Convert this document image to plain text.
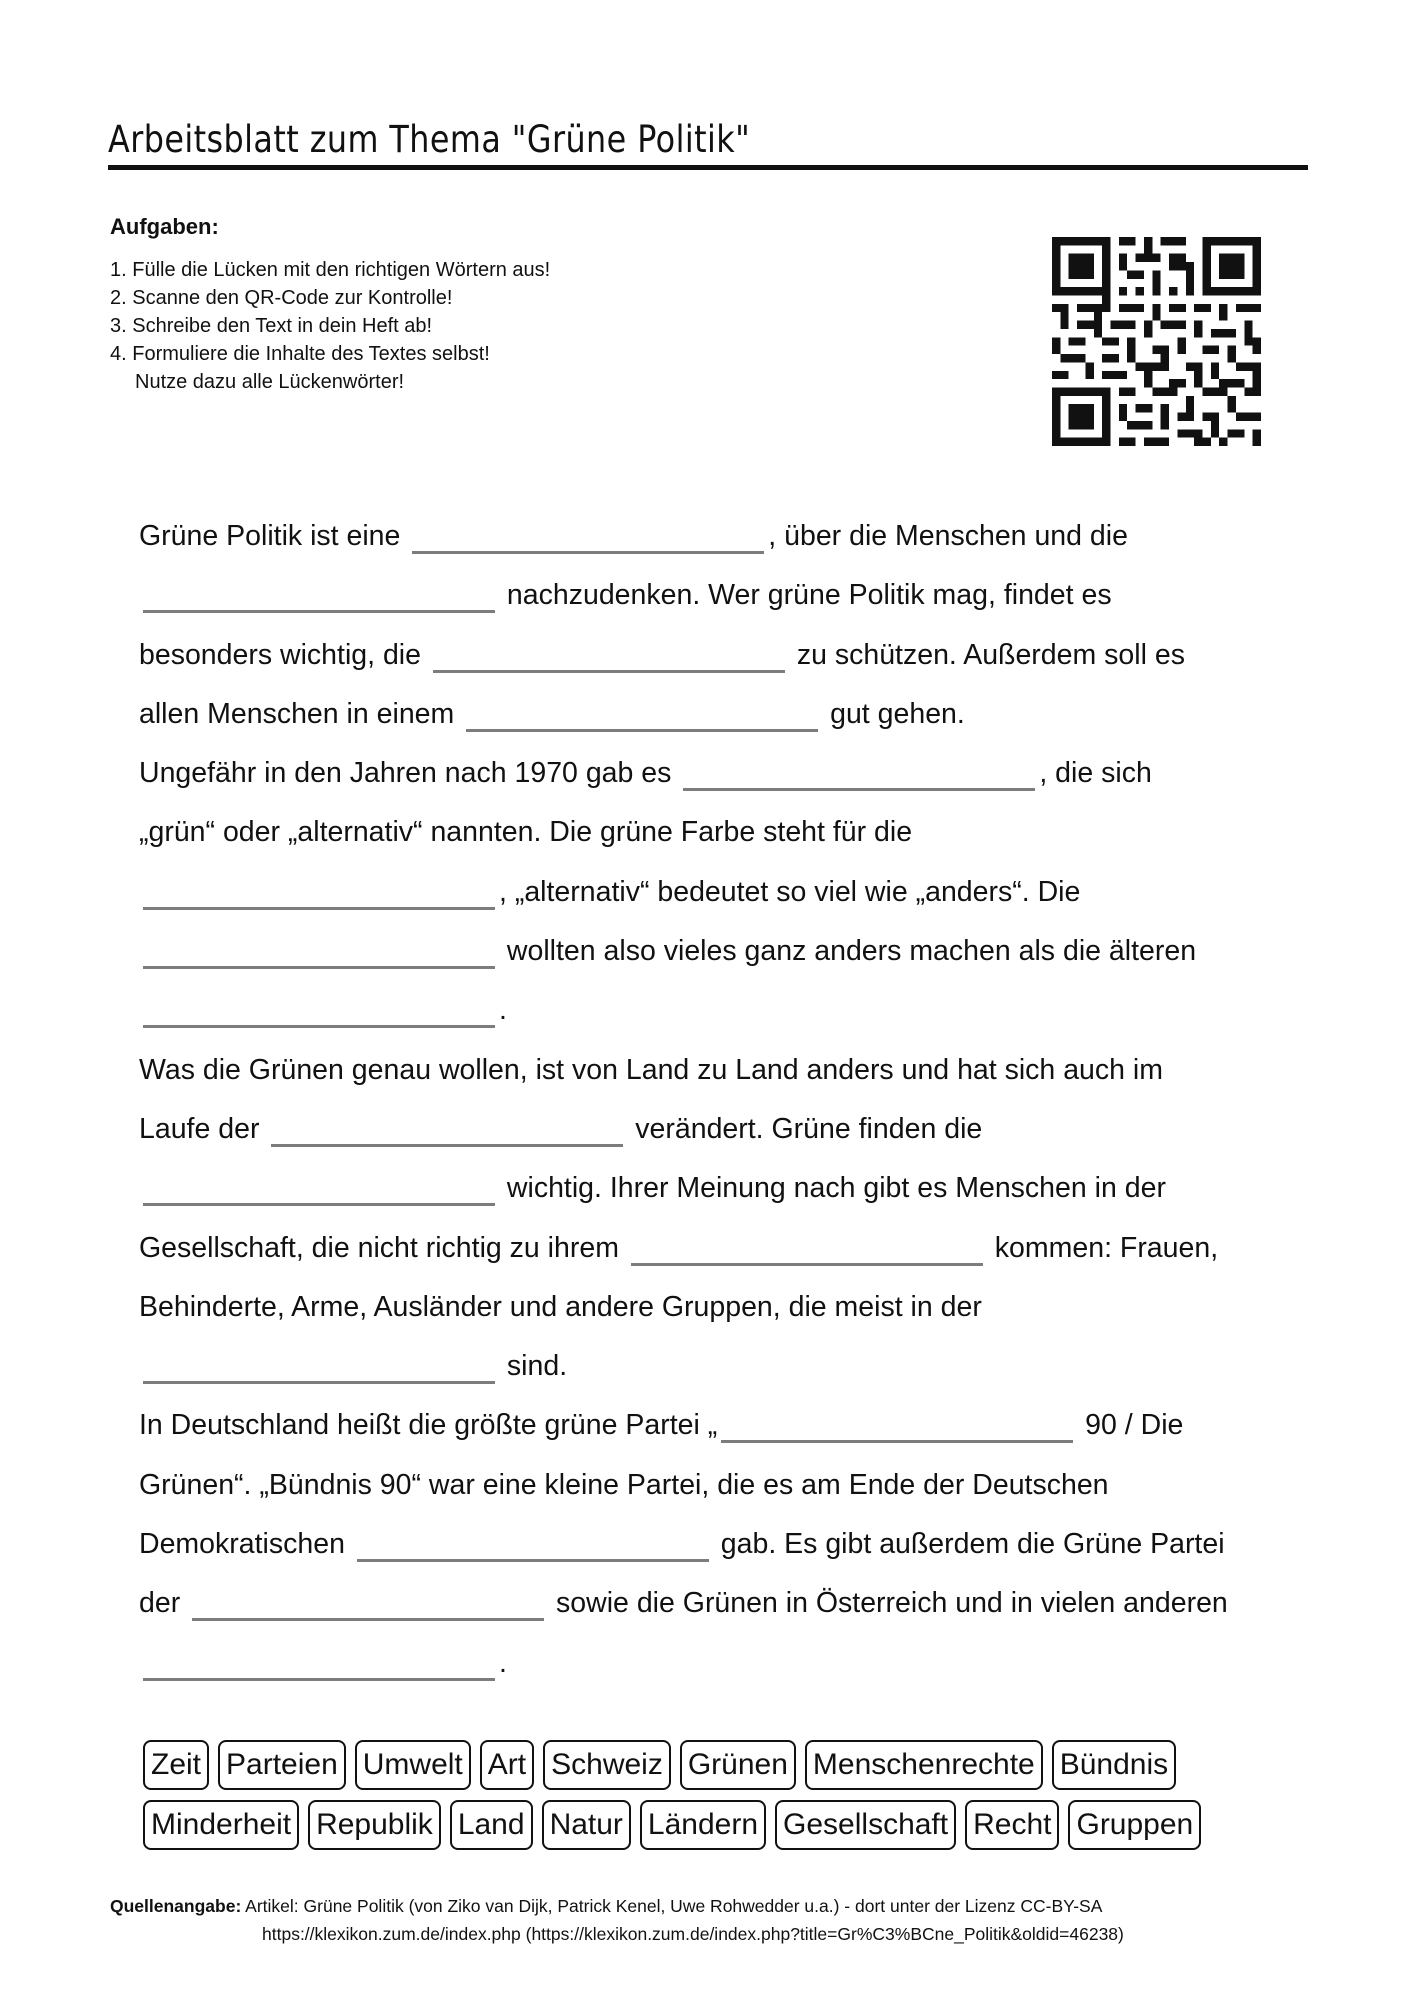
Arbeitsblatt zum Thema "Grüne Politik"
Aufgaben:
1. Fülle die Lücken mit den richtigen Wörtern aus!
2. Scanne den QR-Code zur Kontrolle!
3. Schreibe den Text in dein Heft ab!
4. Formuliere die Inhalte des Textes selbst!
Nutze dazu alle Lückenwörter!
Grüne Politik ist eine	, über die Menschen und die
nachzudenken. Wer grüne Politik mag, findet es
besonders wichtig, die	zu schützen. Außerdem soll es
allen Menschen in einem	gut gehen.
Ungefähr in den Jahren nach 1970 gab es	, die sich
„grün“ oder „alternativ“ nannten. Die grüne Farbe steht für die
, „alternativ“ bedeutet so viel wie „anders“. Die
wollten also vieles ganz anders machen als die älteren
.
Was die Grünen genau wollen, ist von Land zu Land anders und hat sich auch im
Laufe der	verändert. Grüne finden die
wichtig. Ihrer Meinung nach gibt es Menschen in der
Gesellschaft, die nicht richtig zu ihrem	kommen: Frauen,
Behinderte, Arme, Ausländer und andere Gruppen, die meist in der
sind.
In Deutschland heißt die größte grüne Partei „	90 / Die
Grünen“. „Bündnis 90“ war eine kleine Partei, die es am Ende der Deutschen
Demokratischen	gab. Es gibt außerdem die Grüne Partei
der	sowie die Grünen in Österreich und in vielen anderen
.
Zeit Parteien Umwelt Art Schweiz Grünen Menschenrechte Bündnis
Minderheit Republik Land Natur Ländern Gesellschaft Recht Gruppen
Quellenangabe: Artikel: Grüne Politik (von Ziko van Dijk, Patrick Kenel, Uwe Rohwedder u.a.) - dort unter der Lizenz CC-BY-SA
https://klexikon.zum.de/index.php (https://klexikon.zum.de/index.php?title=Gr%C3%BCne_Politik&oldid=46238)
